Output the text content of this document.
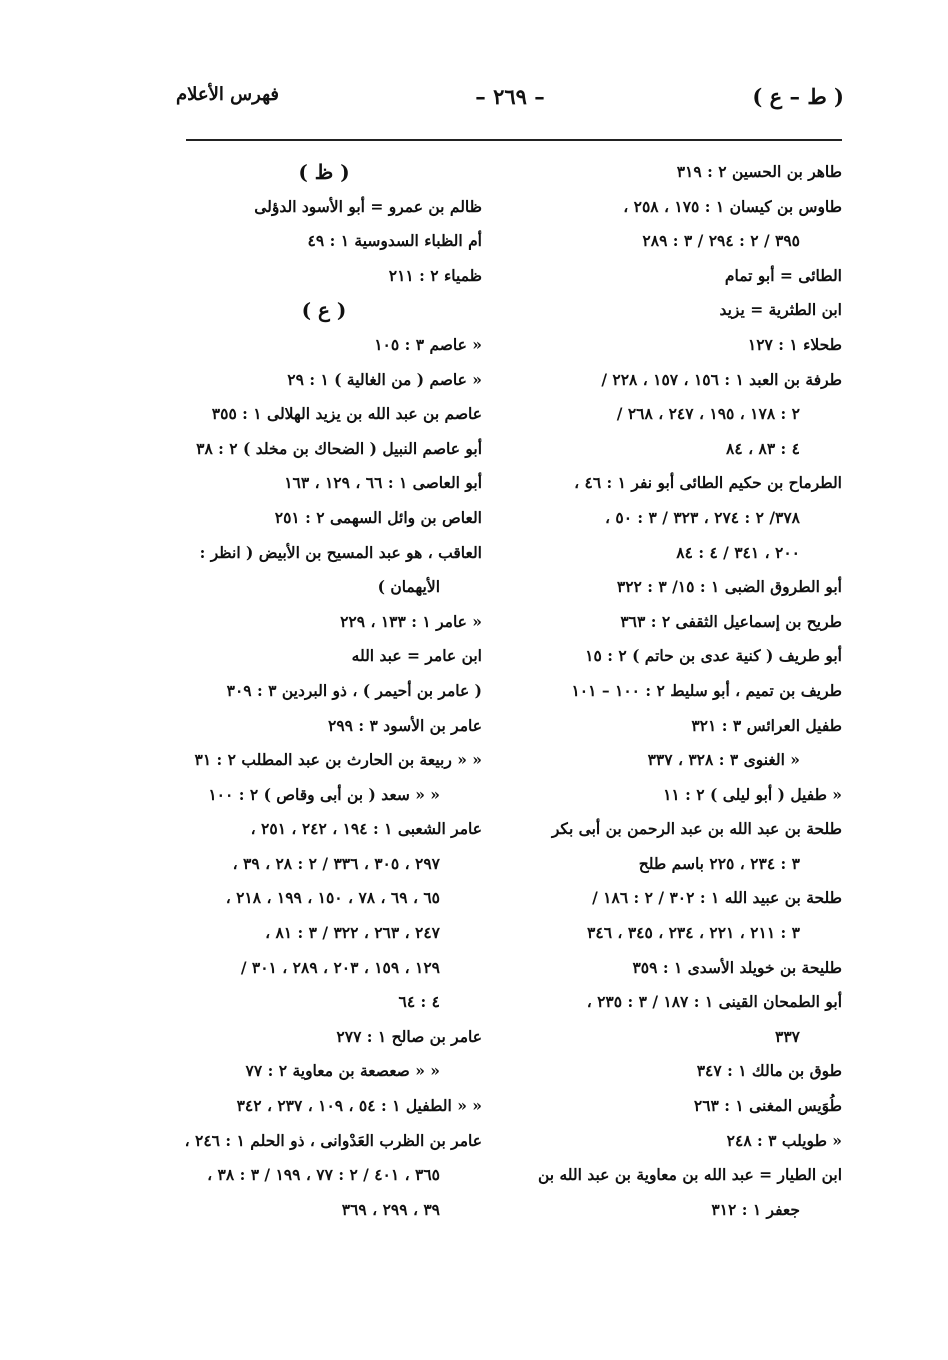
( ط – ع )
– ٢٦٩ –
فهرس الأعلام
طاهر بن الحسين ٢ : ٣١٩
طاوس بن كيسان ١ : ١٧٥ ، ٢٥٨ ،
٣٩٥ / ٢ : ٢٩٤ / ٣ : ٢٨٩
الطائى = أبو تمام
ابن الطثرية = يزيد
طحلاء ١ : ١٢٧
طرفة بن العبد ١ : ١٥٦ ، ١٥٧ ، ٢٢٨ /
٢ : ١٧٨ ، ١٩٥ ، ٢٤٧ ، ٢٦٨ /
٤ : ٨٣ ، ٨٤
الطرماح بن حكيم الطائى أبو نفر ١ : ٤٦ ،
٣٧٨/ ٢ : ٢٧٤ ، ٣٢٣ / ٣ : ٥٠ ،
٢٠٠ ، ٣٤١ / ٤ : ٨٤
أبو الطروق الضبى ١ : ١٥/ ٣ : ٣٢٢
طريح بن إسماعيل الثقفى ٢ : ٣٦٣
أبو طريف ( كنية عدى بن حاتم ) ٢ : ١٥
طريف بن تميم ، أبو سليط ٢ : ١٠٠ – ١٠١
طفيل العرائس ٣ : ٣٢١
« الغنوى ٣ : ٣٢٨ ، ٣٣٧
« طفيل ( أبو ليلى ) ٢ : ١١
طلحة بن عبد الله بن عبد الرحمن بن أبى بكر
٣ : ٢٣٤ ، ٢٢٥ باسم طلح
طلحة بن عبيد الله ١ : ٣٠٢ / ٢ : ١٨٦ /
٣ : ٢١١ ، ٢٢١ ، ٢٣٤ ، ٣٤٥ ، ٣٤٦
طليحة بن خويلد الأسدى ١ : ٣٥٩
أبو الطمحان القينى ١ : ١٨٧ / ٣ : ٢٣٥ ،
٣٣٧
طوق بن مالك ١ : ٣٤٧
طُوَيس المغنى ١ : ٢٦٣
« طويلب ٣ : ٢٤٨
ابن الطيار = عبد الله بن معاوية بن عبد الله بن
جعفر ١ : ٣١٢
( ظ )
ظالم بن عمرو = أبو الأسود الدؤلى
أم الظباء السدوسية ١ : ٤٩
ظمياء ٢ : ٢١١
( ع )
« عاصم ٣ : ١٠٥
« عاصم ( من الغالية ) ١ : ٢٩
عاصم بن عبد الله بن يزيد الهلالى ١ : ٣٥٥
أبو عاصم النبيل ( الضحاك بن مخلد ) ٢ : ٣٨
أبو العاصى ١ : ٦٦ ، ١٢٩ ، ١٦٣
العاص بن وائل السهمى ٢ : ٢٥١
العاقب ، هو عبد المسيح بن الأبيض ( انظر :
الأيهمان )
« عامر ١ : ١٣٣ ، ٢٢٩
ابن عامر = عبد الله
( عامر بن أحيمر ) ، ذو البردين ٣ : ٣٠٩
عامر بن الأسود ٣ : ٢٩٩
« « ربيعة بن الحارث بن عبد المطلب ٢ : ٣١
« « سعد ( بن أبى وقاص ) ٢ : ١٠٠
عامر الشعبى ١ : ١٩٤ ، ٢٤٢ ، ٢٥١ ،
٢٩٧ ، ٣٠٥ ، ٣٣٦ / ٢ : ٢٨ ، ٣٩ ،
٦٥ ، ٦٩ ، ٧٨ ، ١٥٠ ، ١٩٩ ، ٢١٨ ،
٢٤٧ ، ٢٦٣ ، ٣٢٢ / ٣ : ٨١ ،
١٢٩ ، ١٥٩ ، ٢٠٣ ، ٢٨٩ ، ٣٠١ /
٤ : ٦٤
عامر بن صالح ١ : ٢٧٧
« « صعصعة بن معاوية ٢ : ٧٧
« « الطفيل ١ : ٥٤ ، ١٠٩ ، ٢٣٧ ، ٣٤٢
عامر بن الظرب العَدْوانى ، ذو الحلم ١ : ٢٤٦ ،
٣٦٥ ، ٤٠١ / ٢ : ٧٧ ، ١٩٩ / ٣ : ٣٨ ،
٣٩ ، ٢٩٩ ، ٣٦٩
